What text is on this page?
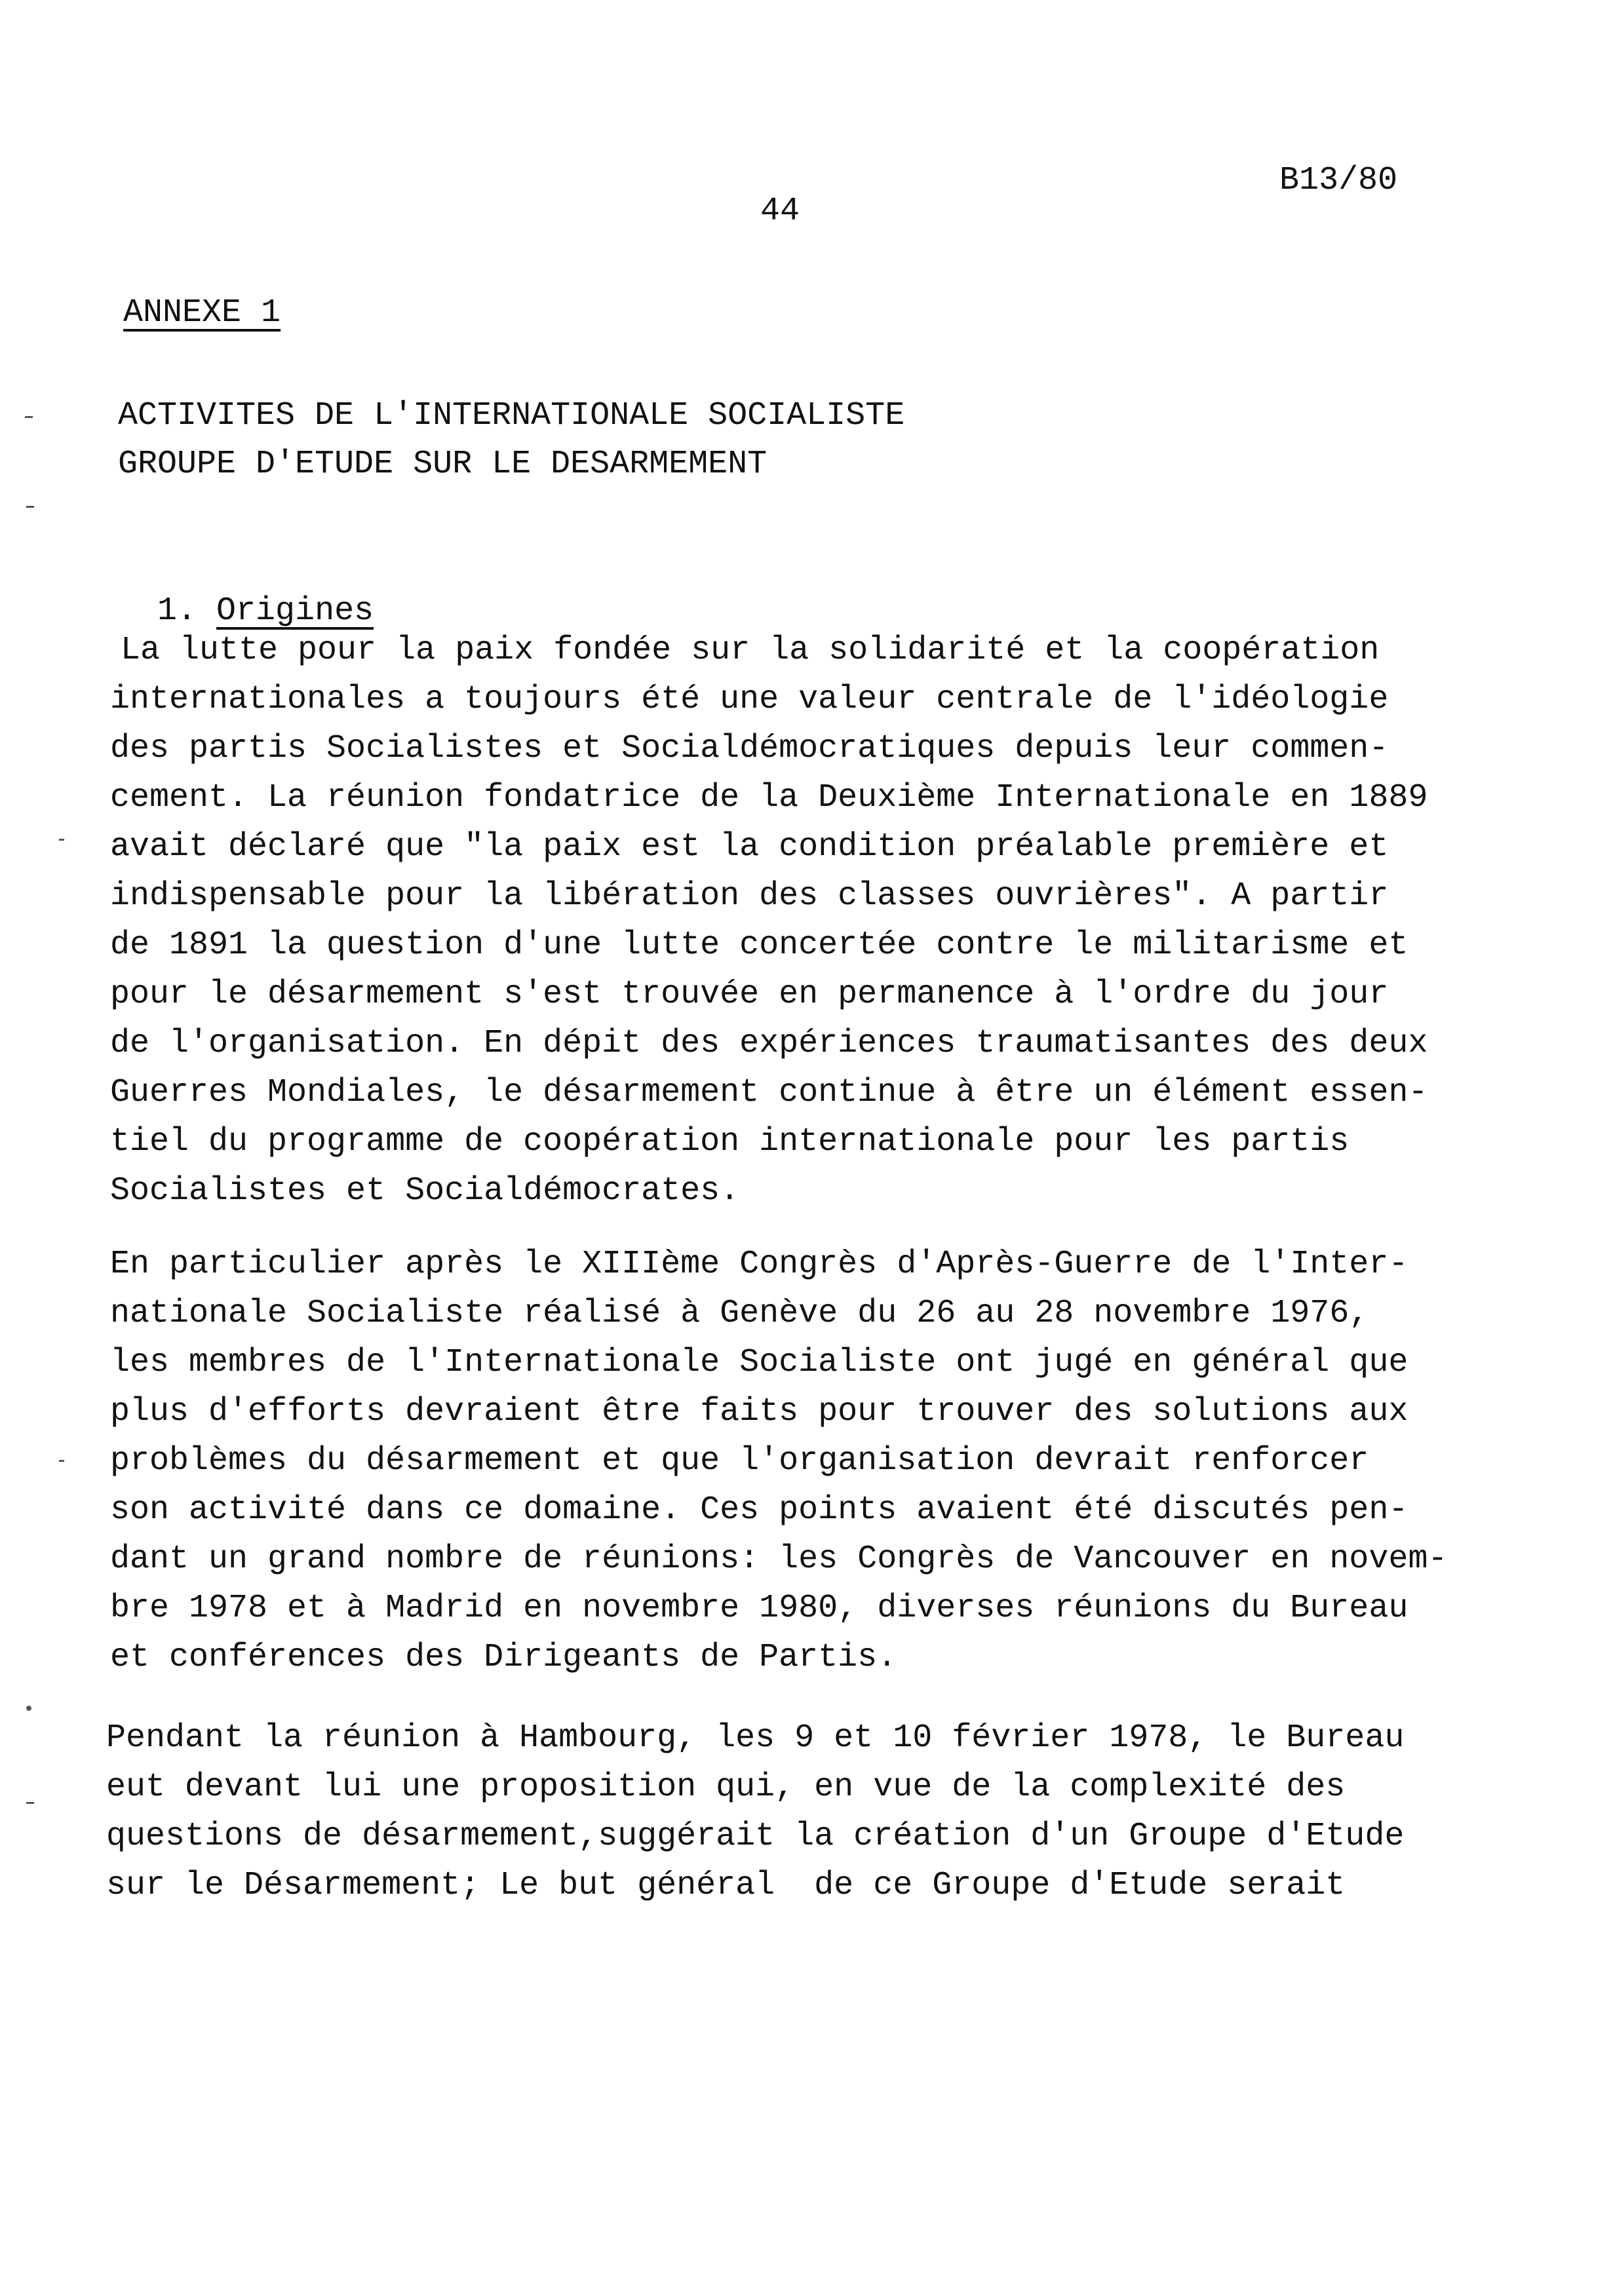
B13/80
44
ANNEXE 1
ACTIVITES DE L'INTERNATIONALE SOCIALISTE
GROUPE D'ETUDE SUR LE DESARMEMENT

1. Origines

La lutte pour la paix fondée sur la solidarité et la coopération
internationales a toujours été une valeur centrale de l'idéologie
des partis Socialistes et Socialdémocratiques depuis leur commen-
cement. La réunion fondatrice de la Deuxième Internationale en 1889
avait déclaré que "la paix est la condition préalable première et
indispensable pour la libération des classes ouvrières". A partir
de 1891 la question d'une lutte concertée contre le militarisme et
pour le désarmement s'est trouvée en permanence à l'ordre du jour
de l'organisation. En dépit des expériences traumatisantes des deux
Guerres Mondiales, le désarmement continue à être un élément essen-
tiel du programme de coopération internationale pour les partis
Socialistes et Socialdémocrates.
En particulier après le XIIIème Congrès d'Après-Guerre de l'Inter-
nationale Socialiste réalisé à Genève du 26 au 28 novembre 1976,
les membres de l'Internationale Socialiste ont jugé en général que
plus d'efforts devraient être faits pour trouver des solutions aux
problèmes du désarmement et que l'organisation devrait renforcer
son activité dans ce domaine. Ces points avaient été discutés pen-
dant un grand nombre de réunions: les Congrès de Vancouver en novem-
bre 1978 et à Madrid en novembre 1980, diverses réunions du Bureau
et conférences des Dirigeants de Partis.
Pendant la réunion à Hambourg, les 9 et 10 février 1978, le Bureau
eut devant lui une proposition qui, en vue de la complexité des
questions de désarmement,suggérait la création d'un Groupe d'Etude
sur le Désarmement; Le but général  de ce Groupe d'Etude serait
